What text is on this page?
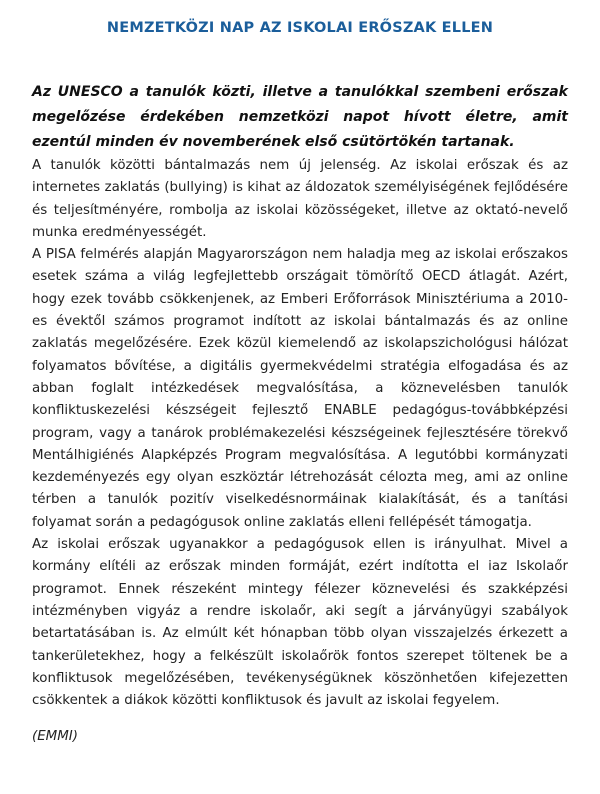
NEMZETKÖZI NAP AZ ISKOLAI ERŐSZAK ELLEN

Az UNESCO a tanulók közti, illetve a tanulókkal szembeni erőszak megelőzése érdekében nemzetközi napot hívott életre, amit ezentúl minden év novemberének első csütörtökén tartanak.

A tanulók közötti bántalmazás nem új jelenség. Az iskolai erőszak és az internetes zaklatás (bullying) is kihat az áldozatok személyiségének fejlődésére és teljesítményére, rombolja az iskolai közösségeket, illetve az oktató-nevelő munka eredményességét.

A PISA felmérés alapján Magyarországon nem haladja meg az iskolai erőszakos esetek száma a világ legfejlettebb országait tömörítő OECD átlagát. Azért, hogy ezek tovább csökkenjenek, az Emberi Erőforrások Minisztériuma a 2010-es évektől számos programot indított az iskolai bántalmazás és az online zaklatás megelőzésére. Ezek közül kiemelendő az iskolapszichológusi hálózat folyamatos bővítése, a digitális gyermekvédelmi stratégia elfogadása és az abban foglalt intézkedések megvalósítása, a köznevelésben tanulók konfliktuskezelési készségeit fejlesztő ENABLE pedagógus-továbbképzési program, vagy a tanárok problémakezelési készségeinek fejlesztésére törekvő Mentálhigiénés Alapképzés Program megvalósítása. A legutóbbi kormányzati kezdeményezés egy olyan eszköztár létrehozását célozta meg, ami az online térben a tanulók pozitív viselkedésnormáinak kialakítását, és a tanítási folyamat során a pedagógusok online zaklatás elleni fellépését támogatja.

Az iskolai erőszak ugyanakkor a pedagógusok ellen is irányulhat. Mivel a kormány elítéli az erőszak minden formáját, ezért indította el iaz Iskolaőr programot. Ennek részeként mintegy félezer köznevelési és szakképzési intézményben vigyáz a rendre iskolaőr, aki segít a járványügyi szabályok betartatásában is. Az elmúlt két hónapban több olyan visszajelzés érkezett a tankerületekhez, hogy a felkészült iskolaőrök fontos szerepet töltenek be a konfliktusok megelőzésében, tevékenységüknek köszönhetően kifejezetten csökkentek a diákok közötti konfliktusok és javult az iskolai fegyelem.

(EMMI)
